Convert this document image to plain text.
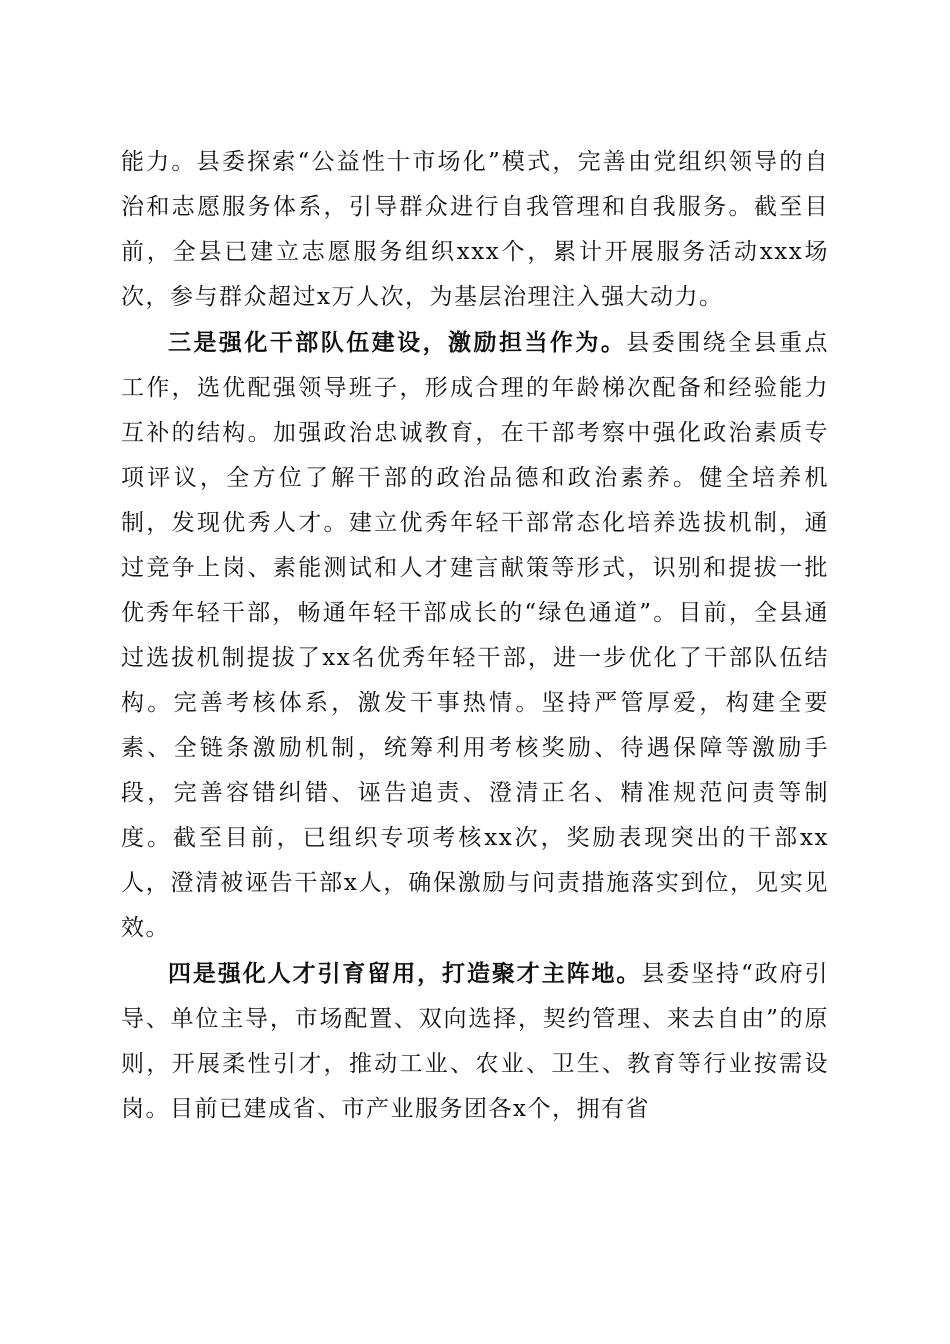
能力。县委探索“公益性十市场化”模式，完善由党组织领导的自治和志愿服务体系，引导群众进行自我管理和自我服务。截至目前，全县已建立志愿服务组织xxx个，累计开展服务活动xxx场次，参与群众超过x万人次，为基层治理注入强大动力。

三是强化干部队伍建设，激励担当作为。县委围绕全县重点工作，选优配强领导班子，形成合理的年龄梯次配备和经验能力互补的结构。加强政治忠诚教育，在干部考察中强化政治素质专项评议，全方位了解干部的政治品德和政治素养。健全培养机制，发现优秀人才。建立优秀年轻干部常态化培养选拔机制，通过竞争上岗、素能测试和人才建言献策等形式，识别和提拔一批优秀年轻干部，畅通年轻干部成长的“绿色通道”。目前，全县通过选拔机制提拔了xx名优秀年轻干部，进一步优化了干部队伍结构。完善考核体系，激发干事热情。坚持严管厚爱，构建全要素、全链条激励机制，统筹利用考核奖励、待遇保障等激励手段，完善容错纠错、诬告追责、澄清正名、精准规范问责等制度。截至目前，已组织专项考核xx次，奖励表现突出的干部xx人，澄清被诬告干部x人，确保激励与问责措施落实到位，见实见效。

四是强化人才引育留用，打造聚才主阵地。县委坚持“政府引导、单位主导，市场配置、双向选择，契约管理、来去自由”的原则，开展柔性引才，推动工业、农业、卫生、教育等行业按需设岗。目前已建成省、市产业服务团各x个，拥有省
